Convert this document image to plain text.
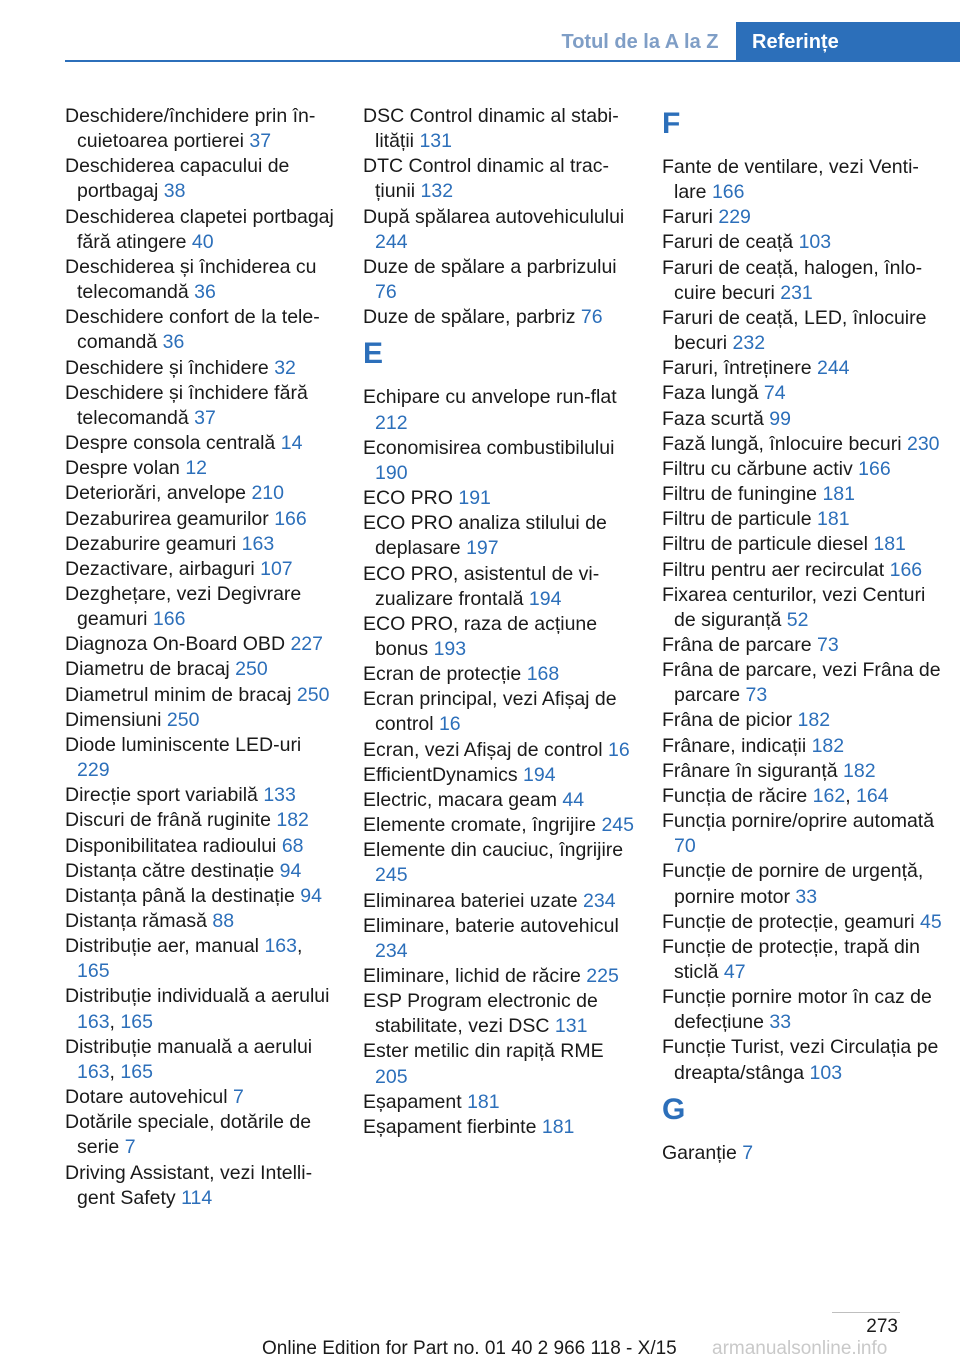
Totul de la A la Z	Referințe

Deschidere/închidere prin încuietoarea portierei 37

Deschiderea capacului de portbagaj 38

Deschiderea clapetei portbagaj fără atingere 40

Deschiderea și închiderea cu telecomandă 36

Deschidere confort de la telecomandă 36

Deschidere și închidere 32

Deschidere și închidere fără telecomandă 37

Despre consola centrală 14

Despre volan 12

Deteriorări, anvelope 210

Dezaburirea geamurilor 166

Dezaburire geamuri 163

Dezactivare, airbaguri 107

Dezghețare, vezi Degivrare geamuri 166

Diagnoza On-Board OBD 227

Diametru de bracaj 250

Diametrul minim de bracaj 250

Dimensiuni 250

Diode luminiscente LED-uri 229

Direcție sport variabilă 133

Discuri de frână ruginite 182

Disponibilitatea radioului 68

Distanța către destinație 94

Distanța până la destinație 94

Distanța rămasă 88

Distribuție aer, manual 163, 165

Distribuție individuală a aerului 163, 165

Distribuție manuală a aerului 163, 165

Dotare autovehicul 7

Dotările speciale, dotările de serie 7

Driving Assistant, vezi Intelligent Safety 114

DSC Control dinamic al stabilității 131

DTC Control dinamic al tracțiunii 132

După spălarea autovehiculului 244

Duze de spălare a parbrizului 76

Duze de spălare, parbriz 76

E

Echipare cu anvelope run-flat 212

Economisirea combustibilului 190

ECO PRO 191

ECO PRO analiza stilului de deplasare 197

ECO PRO, asistentul de vizualizare frontală 194

ECO PRO, raza de acțiune bonus 193

Ecran de protecție 168

Ecran principal, vezi Afișaj de control 16

Ecran, vezi Afișaj de control 16

EfficientDynamics 194

Electric, macara geam 44

Elemente cromate, îngrijire 245

Elemente din cauciuc, îngrijire 245

Eliminarea bateriei uzate 234

Eliminare, baterie autovehicul 234

Eliminare, lichid de răcire 225

ESP Program electronic de stabilitate, vezi DSC 131

Ester metilic din rapiță RME 205

Eșapament 181

Eșapament fierbinte 181

F

Fante de ventilare, vezi Ventilare 166

Faruri 229

Faruri de ceață 103

Faruri de ceață, halogen, înlocuire becuri 231

Faruri de ceață, LED, înlocuire becuri 232

Faruri, întreținere 244

Faza lungă 74

Faza scurtă 99

Fază lungă, înlocuire becuri 230

Filtru cu cărbune activ 166

Filtru de funingine 181

Filtru de particule 181

Filtru de particule diesel 181

Filtru pentru aer recirculat 166

Fixarea centurilor, vezi Centuri de siguranță 52

Frâna de parcare 73

Frâna de parcare, vezi Frâna de parcare 73

Frâna de picior 182

Frânare, indicații 182

Frânare în siguranță 182

Funcția de răcire 162, 164

Funcția pornire/oprire automată 70

Funcție de pornire de urgență, pornire motor 33

Funcție de protecție, geamuri 45

Funcție de protecție, trapă din sticlă 47

Funcție pornire motor în caz de defecțiune 33

Funcție Turist, vezi Circulația pe dreapta/stânga 103

G

Garanție 7

273
Online Edition for Part no. 01 40 2 966 118 - X/15	armanualsonline.info
